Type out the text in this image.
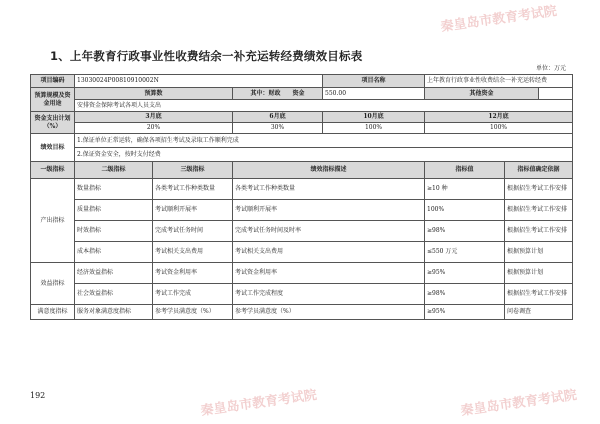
秦皇岛市教育考试院
秦皇岛市教育考试院	秦皇岛市教育考试院
1、上年教育行政事业性收费结余一补充运转经费绩效目标表
单位：万元
项目编码	13030024P00810910002N			项目名称	上年教育行政事业性收费结余一补充运转经费		
预算规模及资金用途	预算数		其中：财政　　资金	550.00	其他资金		
	安排资金保障考试各项人员支出						
资金支出计划（%）	3月底		6月底	10月底	12月底		
	20%		30%	100%	100%		
绩效目标	1.保证单位正常运转，确保各项招生考试及录取工作顺利完成						
	2.保证资金安全，按时支付经费						
一级指标	二级指标	三级指标	绩效指标描述		指标值	指标值确定依据	
产出指标	数量指标	各类考试工作种类数量	各类考试工作种类数量		≥10 种	根据招生考试工作安排	
	质量指标	考试顺利开展率	考试顺利开展率		100%	根据招生考试工作安排	
	时效指标	完成考试任务时间	完成考试任务时间及时率		≥98%	根据招生考试工作安排	
	成本指标	考试相关支出费用	考试相关支出费用		≤550 万元	根据预算计划	
效益指标	经济效益指标	考试资金利用率	考试资金利用率		≥95%	根据预算计划	
	社会效益指标	考试工作完成	考试工作完成程度		≥98%	根据招生考试工作安排	
满意度指标	服务对象满意度指标	参考学员满意度（%）	参考学员满意度（%）		≥95%	问卷调查	
192
